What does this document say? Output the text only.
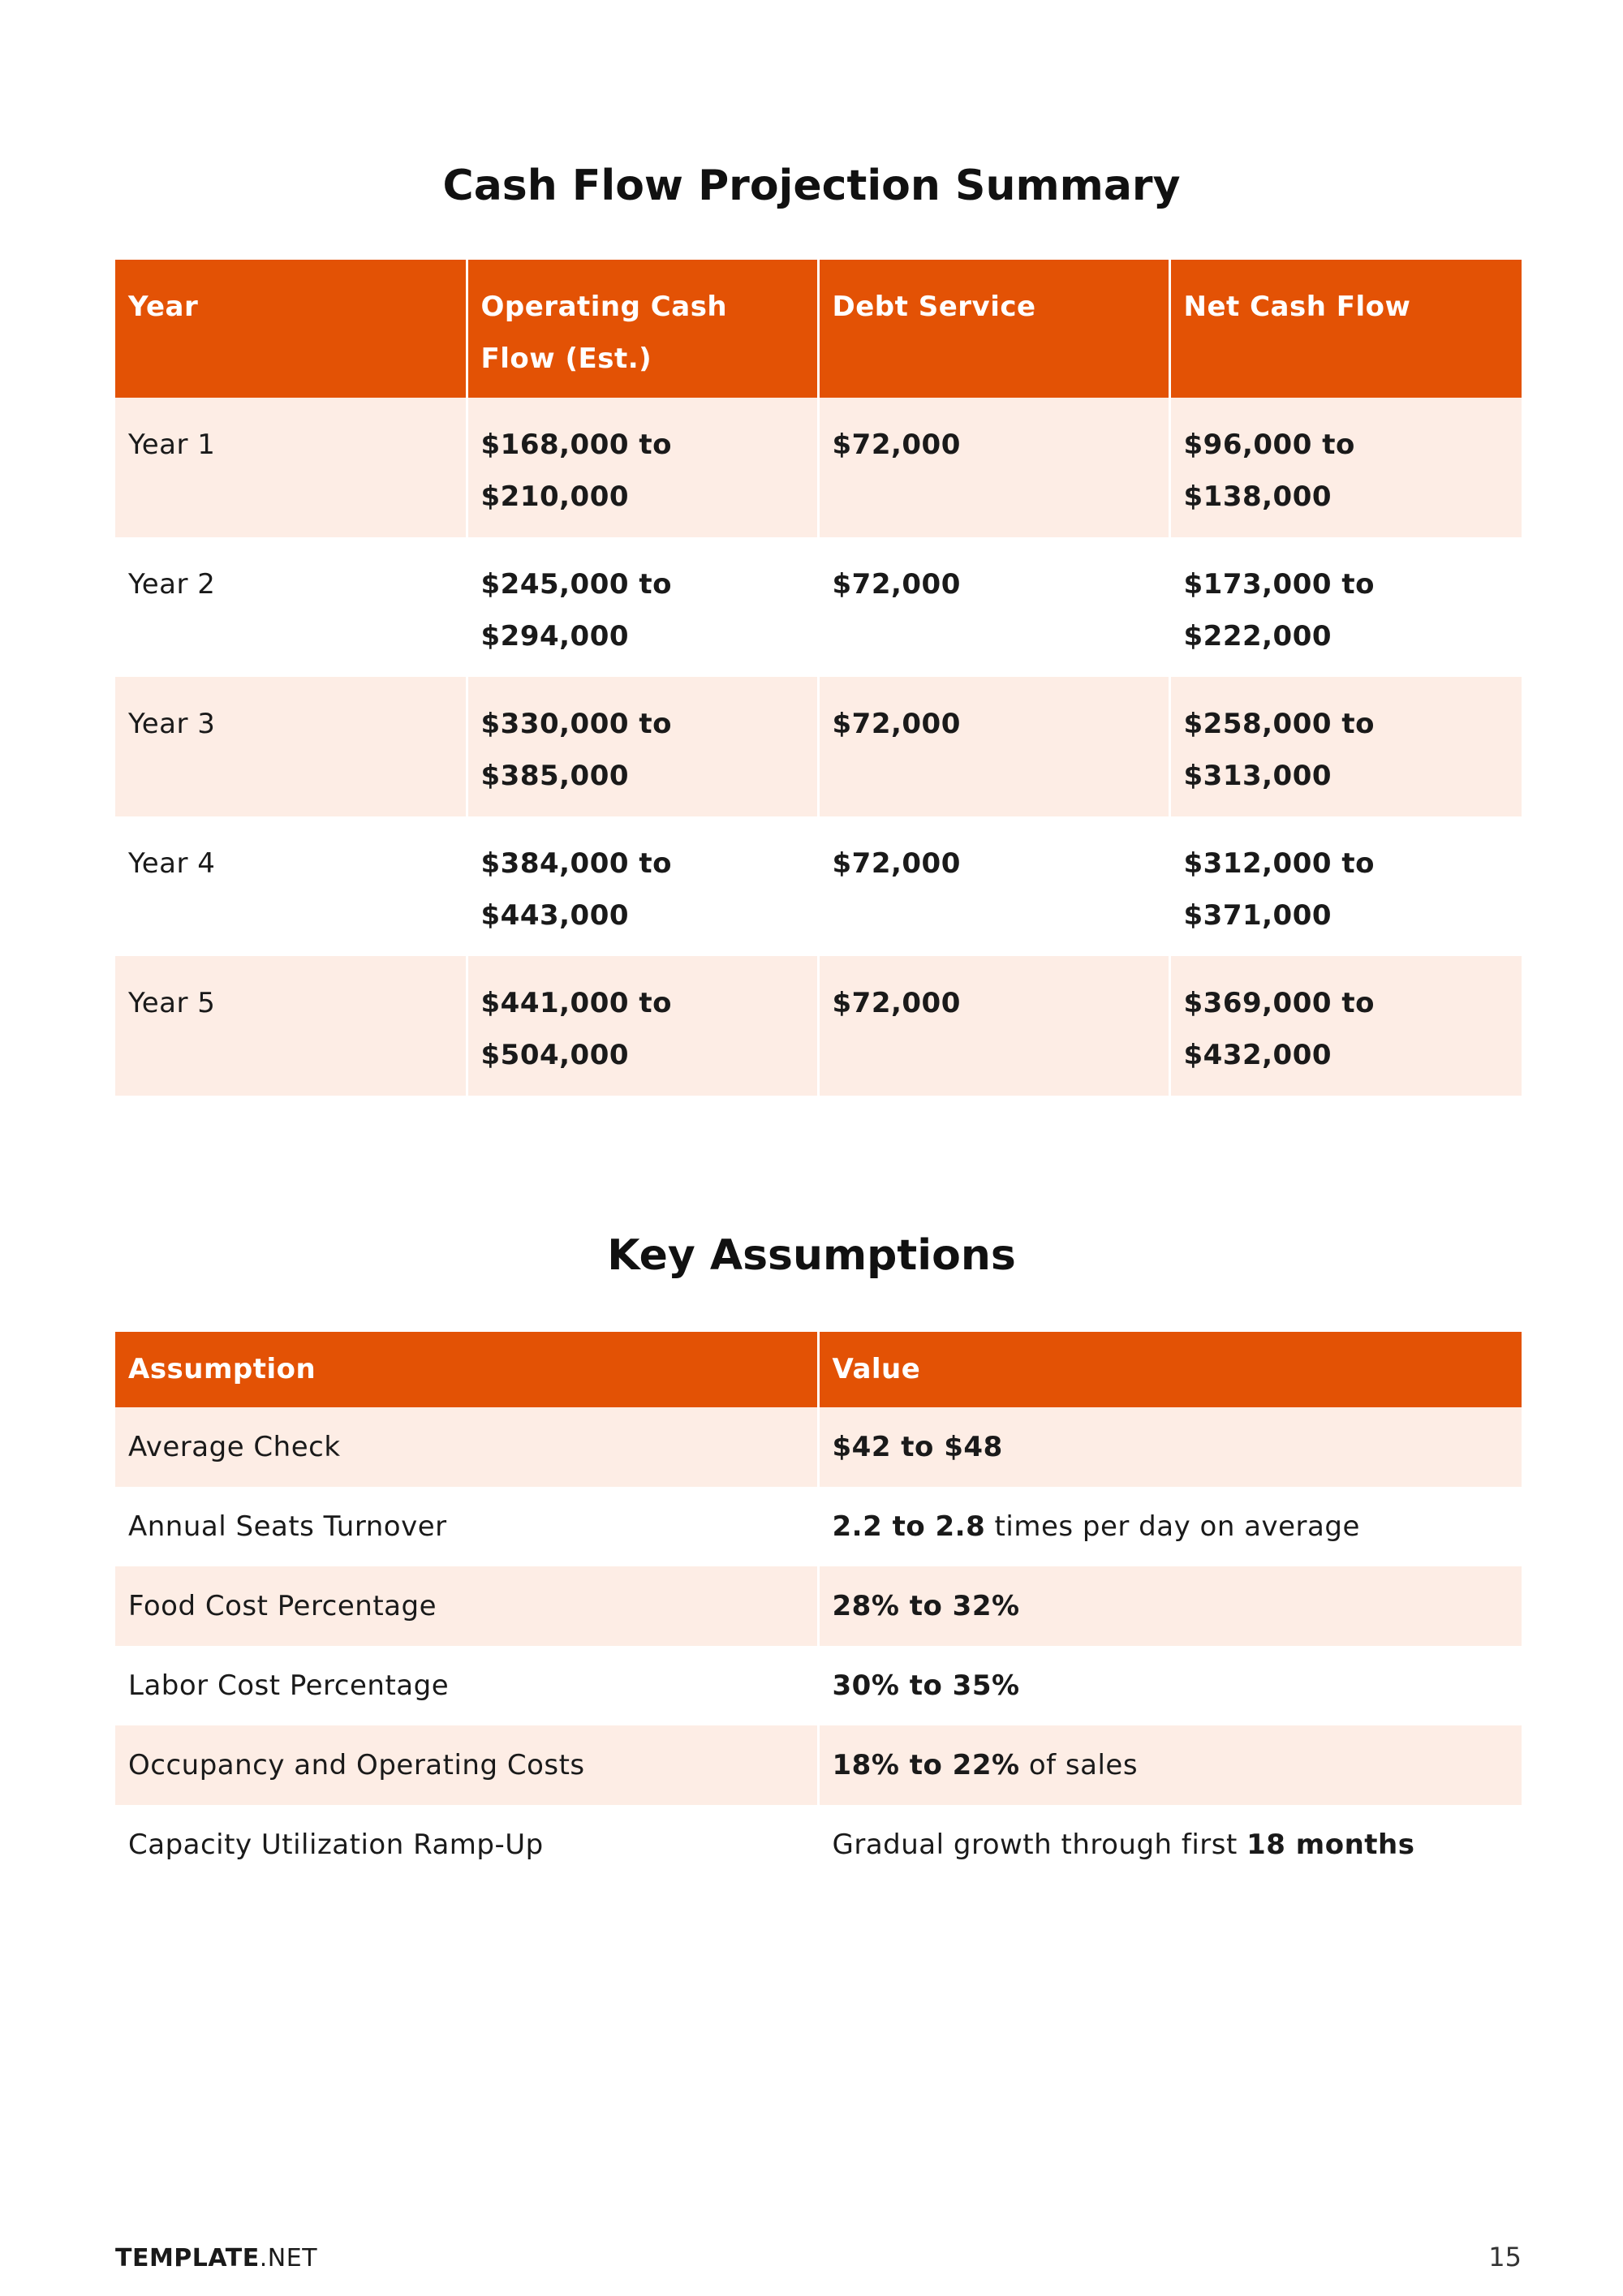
Cash Flow Projection Summary
Year	Operating Cash Flow (Est.)	Debt Service	Net Cash Flow
Year 1	$168,000 to $210,000	$72,000	$96,000 to $138,000
Year 2	$245,000 to $294,000	$72,000	$173,000 to $222,000
Year 3	$330,000 to $385,000	$72,000	$258,000 to $313,000
Year 4	$384,000 to $443,000	$72,000	$312,000 to $371,000
Year 5	$441,000 to $504,000	$72,000	$369,000 to $432,000
Key Assumptions
Assumption	Value
Average Check	$42 to $48
Annual Seats Turnover	2.2 to 2.8 times per day on average
Food Cost Percentage	28% to 32%
Labor Cost Percentage	30% to 35%
Occupancy and Operating Costs	18% to 22% of sales
Capacity Utilization Ramp-Up	Gradual growth through first 18 months
TEMPLATE.NET	15
